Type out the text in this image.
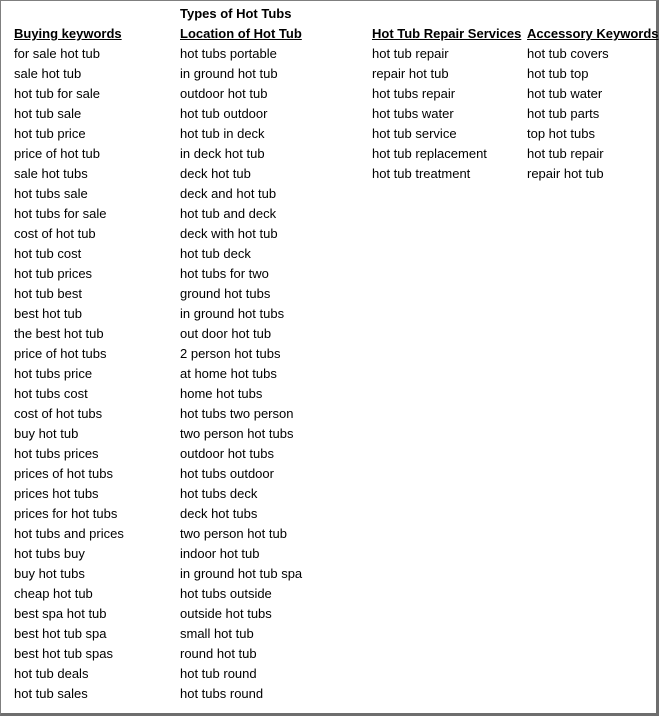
Types of Hot Tubs
Buying keywords
for sale hot tub
sale hot tub
hot tub for sale
hot tub sale
hot tub price
price of hot tub
sale hot tubs
hot tubs sale
hot tubs for sale
cost of hot tub
hot tub cost
hot tub prices
hot tub best
best hot tub
the best hot tub
price of hot tubs
hot tubs price
hot tubs cost
cost of hot tubs
buy hot tub
hot tubs prices
prices of hot tubs
prices hot tubs
prices for hot tubs
hot tubs and prices
hot tubs buy
buy hot tubs
cheap hot tub
best spa hot tub
best hot tub spa
best hot tub spas
hot tub deals
hot tub sales
Location of Hot Tub
hot tubs portable
in ground hot tub
outdoor hot tub
hot tub outdoor
hot tub in deck
in deck hot tub
deck hot tub
deck and hot tub
hot tub and deck
deck with hot tub
hot tub deck
hot tubs for two
ground hot tubs
in ground hot tubs
out door hot tub
2 person hot tubs
at home hot tubs
home hot tubs
hot tubs two person
two person hot tubs
outdoor hot tubs
hot tubs outdoor
hot tubs deck
deck hot tubs
two person hot tub
indoor hot tub
in ground hot tub spa
hot tubs outside
outside hot tubs
small hot tub
round hot tub
hot tub round
hot tubs round
Hot Tub Repair Services
hot tub repair
repair hot tub
hot tubs repair
hot tubs water
hot tub service
hot tub replacement
hot tub treatment
Accessory Keywords
hot tub covers
hot tub top
hot tub water
hot tub parts
top hot tubs
hot tub repair
repair hot tub
